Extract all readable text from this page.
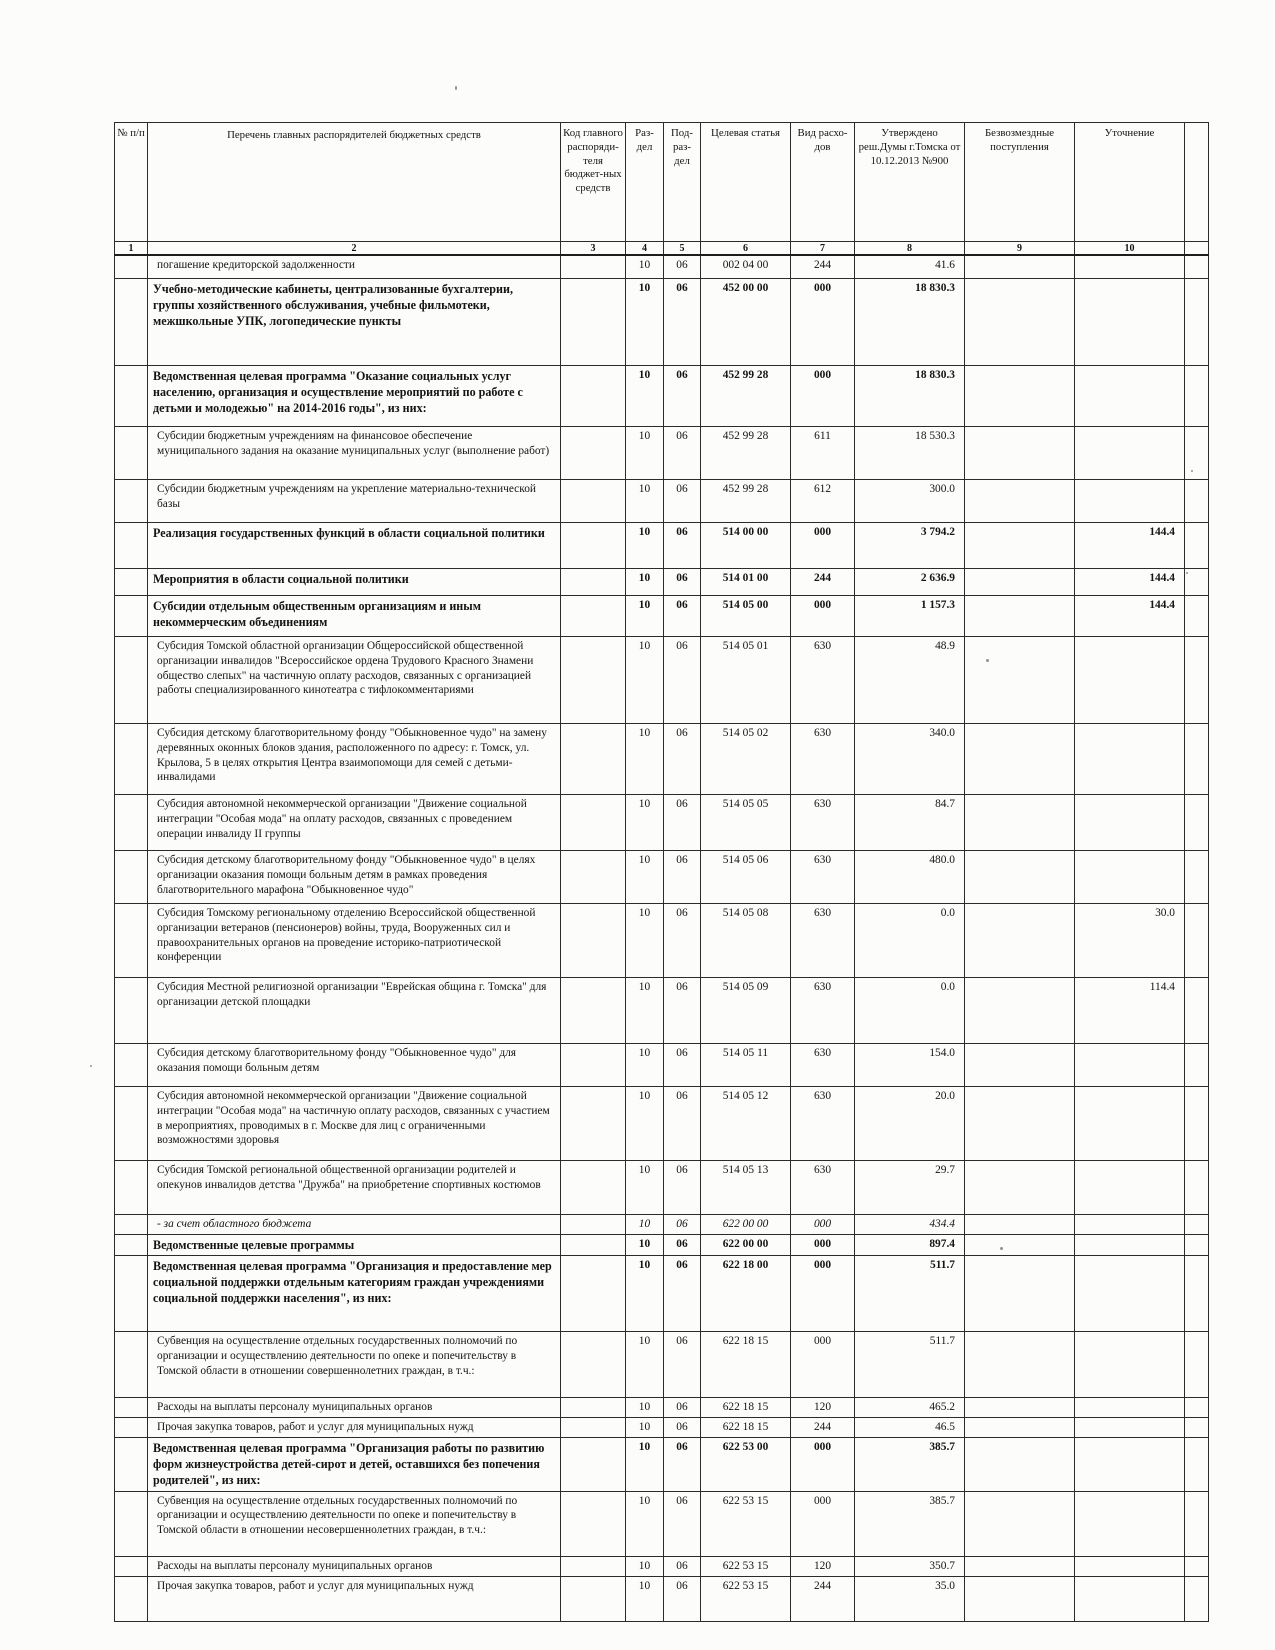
№ п/п	Перечень главных распорядителей бюджетных средств	Код главного распоряди-теля бюджет-ных средств	Раз-дел	Под-раз-дел	Целевая статья	Вид расхо-дов	Утверждено реш.Думы г.Томска от 10.12.2013 №900	Безвозмездные поступления	Уточнение	
1	2	3	4	5	6	7	8	9	10	
	погашение кредиторской задолженности		10	06	002 04 00	244	41.6			
	Учебно-методические кабинеты, централизованные бухгалтерии, группы хозяйственного обслуживания, учебные фильмотеки, межшкольные УПК, логопедические пункты		10	06	452 00 00	000	18 830.3			
	Ведомственная целевая программа "Оказание социальных услуг населению, организация и осуществление мероприятий по работе с детьми и молодежью" на 2014-2016 годы", из них:		10	06	452 99 28	000	18 830.3			
	Субсидии бюджетным учреждениям на финансовое обеспечение муниципального задания на оказание муниципальных услуг (выполнение работ)		10	06	452 99 28	611	18 530.3			
	Субсидии бюджетным учреждениям на укрепление материально-технической базы		10	06	452 99 28	612	300.0			
	Реализация государственных функций в области социальной политики		10	06	514 00 00	000	3 794.2		144.4	
	Мероприятия в области социальной политики		10	06	514 01 00	244	2 636.9		144.4	
	Субсидии отдельным общественным организациям и иным некоммерческим объединениям		10	06	514 05 00	000	1 157.3		144.4	
	Субсидия Томской областной организации Общероссийской общественной организации инвалидов "Всероссийское ордена Трудового Красного Знамени общество слепых" на частичную оплату расходов, связанных с организацией работы специализированного кинотеатра с тифлокомментариями		10	06	514 05 01	630	48.9			
	Субсидия детскому благотворительному фонду "Обыкновенное чудо" на замену деревянных оконных блоков здания, расположенного по адресу: г. Томск, ул. Крылова, 5 в целях открытия Центра взаимопомощи для семей с детьми-инвалидами		10	06	514 05 02	630	340.0			
	Субсидия автономной некоммерческой организации "Движение социальной интеграции "Особая мода" на оплату расходов, связанных с проведением операции инвалиду II группы		10	06	514 05 05	630	84.7			
	Субсидия детскому благотворительному фонду "Обыкновенное чудо" в целях организации оказания помощи больным детям в рамках проведения благотворительного марафона "Обыкновенное чудо"		10	06	514 05 06	630	480.0			
	Субсидия Томскому региональному отделению Всероссийской общественной организации ветеранов (пенсионеров) войны, труда, Вооруженных сил и правоохранительных органов на проведение историко-патриотической конференции		10	06	514 05 08	630	0.0		30.0	
	Субсидия Местной религиозной организации "Еврейская община г. Томска" для организации детской площадки		10	06	514 05 09	630	0.0		114.4	
	Субсидия детскому благотворительному фонду "Обыкновенное чудо" для оказания помощи больным детям		10	06	514 05 11	630	154.0			
	Субсидия автономной некоммерческой организации "Движение социальной интеграции "Особая мода" на частичную оплату расходов, связанных с участием в мероприятиях, проводимых в г. Москве для лиц с ограниченными возможностями здоровья		10	06	514 05 12	630	20.0			
	Субсидия Томской региональной общественной организации родителей и опекунов инвалидов детства "Дружба" на приобретение спортивных костюмов		10	06	514 05 13	630	29.7			
	- за счет областного бюджета		10	06	622 00 00	000	434.4			
	Ведомственные целевые программы		10	06	622 00 00	000	897.4			
	Ведомственная целевая программа "Организация и предоставление мер социальной поддержки отдельным категориям граждан учреждениями социальной поддержки населения", из них:		10	06	622 18 00	000	511.7			
	Субвенция на осуществление отдельных государственных полномочий по организации и осуществлению деятельности по опеке и попечительству в Томской области в отношении совершеннолетних граждан, в т.ч.:		10	06	622 18 15	000	511.7			
	Расходы на выплаты персоналу муниципальных органов		10	06	622 18 15	120	465.2			
	Прочая закупка товаров, работ и услуг для муниципальных нужд		10	06	622 18 15	244	46.5			
	Ведомственная целевая программа "Организация работы по развитию форм жизнеустройства детей-сирот и детей, оставшихся без попечения родителей", из них:		10	06	622 53 00	000	385.7			
	Субвенция на осуществление отдельных государственных полномочий по организации и осуществлению деятельности по опеке и попечительству в Томской области в отношении несовершеннолетних граждан, в т.ч.:		10	06	622 53 15	000	385.7			
	Расходы на выплаты персоналу муниципальных органов		10	06	622 53 15	120	350.7			
	Прочая закупка товаров, работ и услуг для муниципальных нужд		10	06	622 53 15	244	35.0			
